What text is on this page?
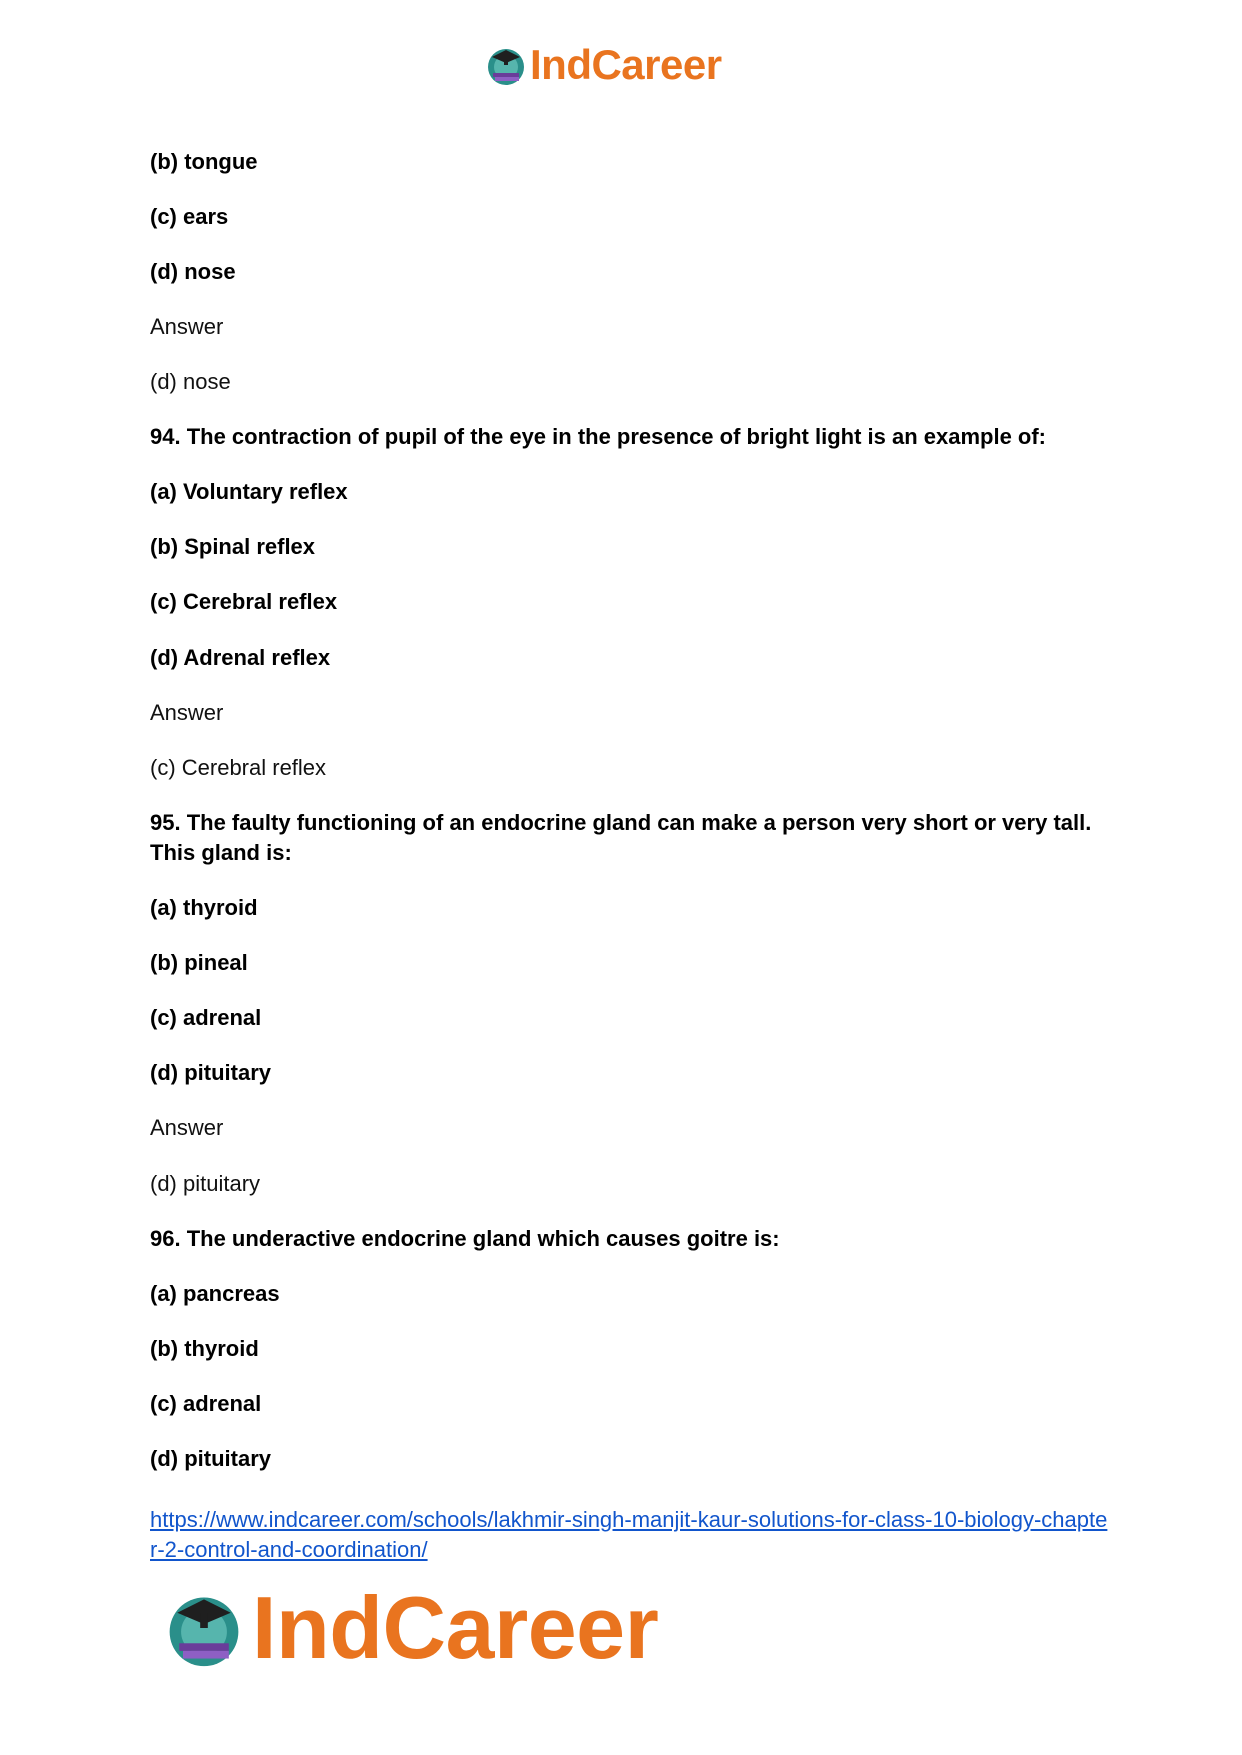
IndCareer
(b) tongue
(c) ears
(d) nose
Answer
(d) nose
94. The contraction of pupil of the eye in the presence of bright light is an example of:
(a) Voluntary reflex
(b) Spinal reflex
(c) Cerebral reflex
(d) Adrenal reflex
Answer
(c) Cerebral reflex
95. The faulty functioning of an endocrine gland can make a person very short or very tall. This gland is:
(a) thyroid
(b) pineal
(c) adrenal
(d) pituitary
Answer
(d) pituitary
96. The underactive endocrine gland which causes goitre is:
(a) pancreas
(b) thyroid
(c) adrenal
(d) pituitary
https://www.indcareer.com/schools/lakhmir-singh-manjit-kaur-solutions-for-class-10-biology-chapter-2-control-and-coordination/
IndCareer
